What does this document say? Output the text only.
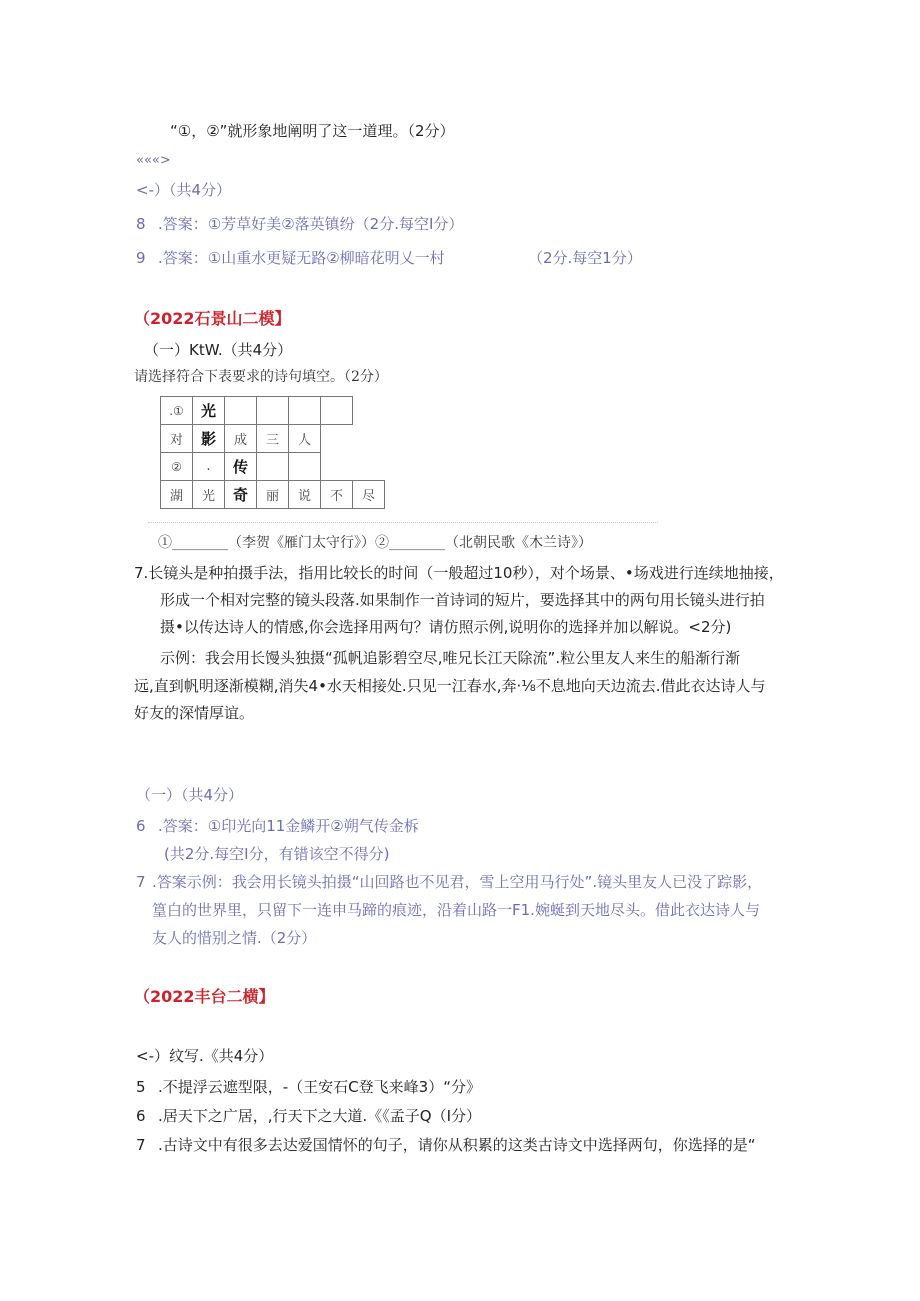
“①，②”就形象地阐明了这一道理。（2分）
«««>
<-）（共4分）
8 .答案：①芳草好美②落英镇纷（2分.每空I分）
9 .答案：①山重水更疑无路②柳暗花明乂一村	（2分.每空1分）
（2022石景山二模】
（一）KtW.（共4分）
请选择符合下表要求的诗句填空。（2分）
.①	光					
对	影	成	三	人		
②	.	传				
湖	光	奇	丽	说	不	尽
①________（李贺《雁门太守行》）②________（北朝民歌《木兰诗》）
7.长镜头是种拍摄手法，指用比较长的时间（一般超过10秒），对个场景、•场戏进行连续地抽接，
形成一个相对完整的镜头段落.如果制作一首诗词的短片，要选择其中的两句用长镜头进行拍
摄•以传达诗人的情感,你会选择用两句？请仿照示例,说明你的选择并加以解说。<2分)
示例：我会用长馒头独摄“孤帆追影碧空尽,唯兄长江天除流”.粒公里友人来生的船渐行渐
远,直到帆明逐渐模糊,消失4•水天相接处.只见一江春水,奔·⅛不息地向天边流去.借此衣达诗人与
好友的深情厚谊。
（一）（共4分）
6 .答案：①印光向11金鳞开②朔气传金柝
(共2分.每空I分，有错该空不得分)
7 .答案示例：我会用长镜头拍摄“山回路也不见君，雪上空用马行处”.镜头里友人已没了踪影，
篁白的世界里，只留下一连申马蹄的痕迹，沿着山路一F1.婉蜒到天地尽头。借此衣达诗人与
友人的惜别之情.（2分）
（2022丰台二横】
<-）纹写.《共4分）
5 .不提浮云遮型限，-（王安石C登飞来峰3）“分》
6 .居天下之广居，,行天下之大道.《《孟子Q（I分）
7 .古诗文中有很多去达爱国情怀的句子，请你从积累的这类古诗文中选择两句，你选择的是“
